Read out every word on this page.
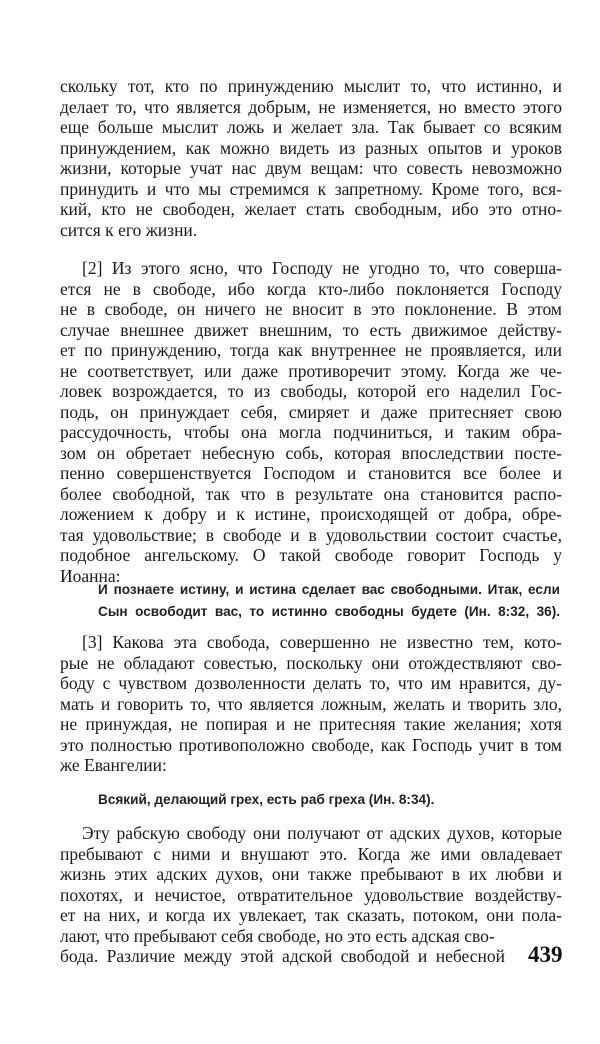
скольку тот, кто по принуждению мыслит то, что истинно, и
делает то, что является добрым, не изменяется, но вместо этого
еще больше мыслит ложь и желает зла. Так бывает со всяким
принуждением, как можно видеть из разных опытов и уроков
жизни, которые учат нас двум вещам: что совесть невозможно
принудить и что мы стремимся к запретному. Кроме того, вся-
кий, кто не свободен, желает стать свободным, ибо это отно-
сится к его жизни.
[2] Из этого ясно, что Господу не угодно то, что соверша-
ется не в свободе, ибо когда кто-либо поклоняется Господу
не в свободе, он ничего не вносит в это поклонение. В этом
случае внешнее движет внешним, то есть движимое действу-
ет по принуждению, тогда как внутреннее не проявляется, или
не соответствует, или даже противоречит этому. Когда же че-
ловек возрождается, то из свободы, которой его наделил Гос-
подь, он принуждает себя, смиряет и даже притесняет свою
рассудочность, чтобы она могла подчиниться, и таким обра-
зом он обретает небесную собь, которая впоследствии посте-
пенно совершенствуется Господом и становится все более и
более свободной, так что в результате она становится распо-
ложением к добру и к истине, происходящей от добра, обре-
тая удовольствие; в свободе и в удовольствии состоит счастье,
подобное ангельскому. О такой свободе говорит Господь у
Иоанна:
И познаете истину, и истина сделает вас свободными. Итак, если
Сын освободит вас, то истинно свободны будете (Ин. 8:32, 36).
[3] Какова эта свобода, совершенно не известно тем, кото-
рые не обладают совестью, поскольку они отождествляют сво-
боду с чувством дозволенности делать то, что им нравится, ду-
мать и говорить то, что является ложным, желать и творить зло,
не принуждая, не попирая и не притесняя такие желания; хотя
это полностью противоположно свободе, как Господь учит в том
же Евангелии:
Всякий, делающий грех, есть раб греха (Ин. 8:34).
Эту рабскую свободу они получают от адских духов, которые
пребывают с ними и внушают это. Когда же ими овладевает
жизнь этих адских духов, они также пребывают в их любви и
похотях, и нечистое, отвратительное удовольствие воздейству-
ет на них, и когда их увлекает, так сказать, потоком, они пола-
лают, что пребывают себя свободе, но это есть адская сво-
бода. Различие между этой адской свободой и небесной 439
